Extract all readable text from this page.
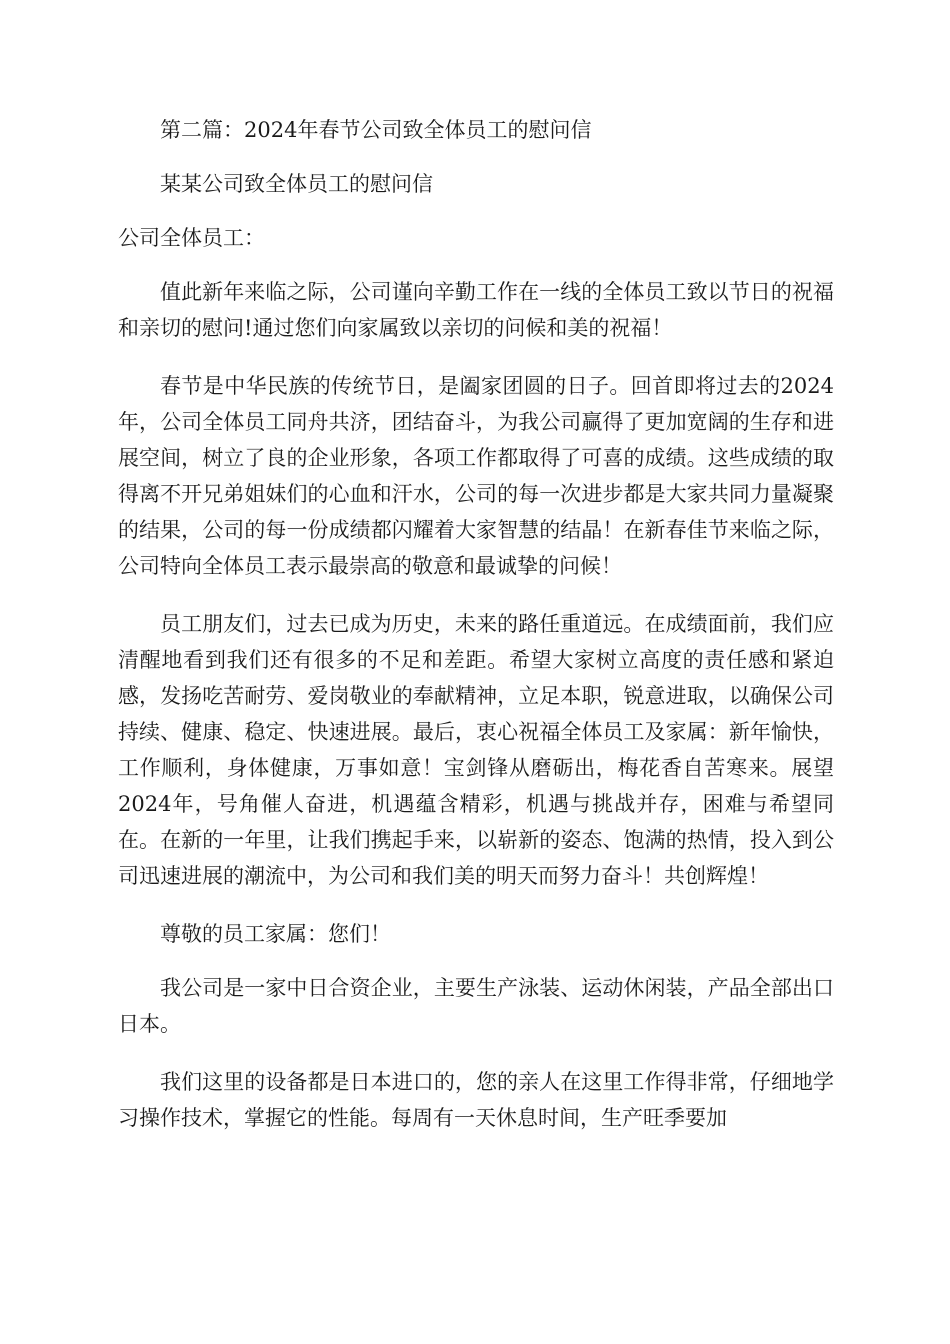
第二篇：2024年春节公司致全体员工的慰问信

某某公司致全体员工的慰问信

公司全体员工：

值此新年来临之际，公司谨向辛勤工作在一线的全体员工致以节日的祝福和亲切的慰问!通过您们向家属致以亲切的问候和美的祝福！

春节是中华民族的传统节日，是阖家团圆的日子。回首即将过去的2024年，公司全体员工同舟共济，团结奋斗，为我公司赢得了更加宽阔的生存和进展空间，树立了良的企业形象，各项工作都取得了可喜的成绩。这些成绩的取得离不开兄弟姐妹们的心血和汗水，公司的每一次进步都是大家共同力量凝聚的结果，公司的每一份成绩都闪耀着大家智慧的结晶！在新春佳节来临之际，公司特向全体员工表示最崇高的敬意和最诚挚的问候！

员工朋友们，过去已成为历史，未来的路任重道远。在成绩面前，我们应清醒地看到我们还有很多的不足和差距。希望大家树立高度的责任感和紧迫感，发扬吃苦耐劳、爱岗敬业的奉献精神，立足本职，锐意进取，以确保公司持续、健康、稳定、快速进展。最后，衷心祝福全体员工及家属：新年愉快，工作顺利，身体健康，万事如意！宝剑锋从磨砺出，梅花香自苦寒来。展望2024年，号角催人奋进，机遇蕴含精彩，机遇与挑战并存，困难与希望同在。在新的一年里，让我们携起手来，以崭新的姿态、饱满的热情，投入到公司迅速进展的潮流中，为公司和我们美的明天而努力奋斗！共创辉煌！

尊敬的员工家属：您们！

我公司是一家中日合资企业，主要生产泳装、运动休闲装，产品全部出口日本。

我们这里的设备都是日本进口的，您的亲人在这里工作得非常，仔细地学习操作技术，掌握它的性能。每周有一天休息时间，生产旺季要加
